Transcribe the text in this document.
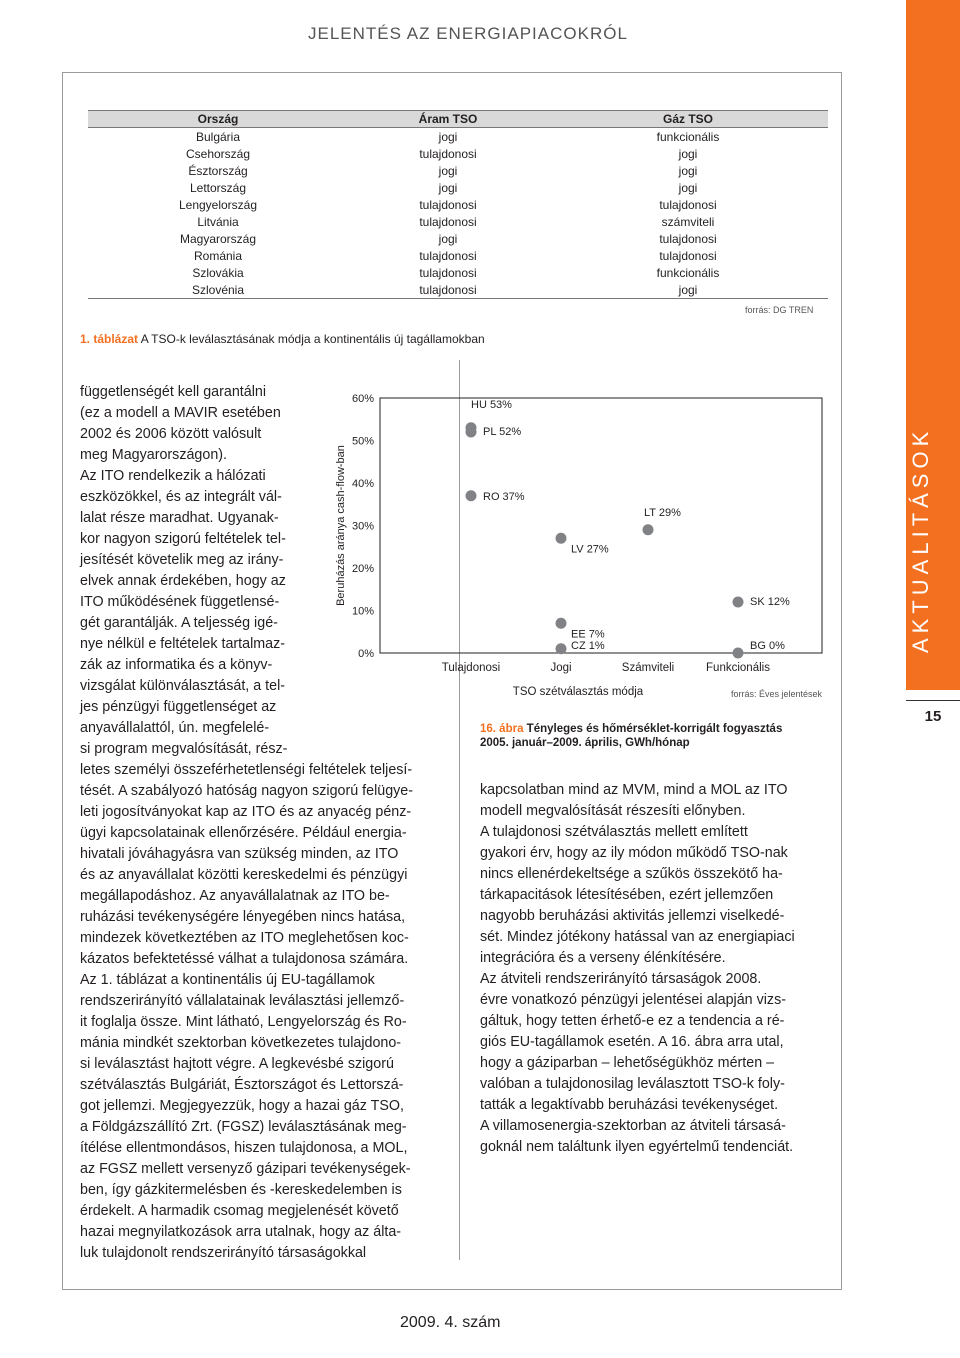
JELENTÉS AZ ENERGIAPIACOKRÓL
Ország	Áram TSO	Gáz TSO
Bulgária	jogi	funkcionális
Csehország	tulajdonosi	jogi
Észtország	jogi	jogi
Lettország	jogi	jogi
Lengyelország	tulajdonosi	tulajdonosi
Litvánia	tulajdonosi	számviteli
Magyarország	jogi	tulajdonosi
Románia	tulajdonosi	tulajdonosi
Szlovákia	tulajdonosi	funkcionális
Szlovénia	tulajdonosi	jogi
forrás: DG TREN
1. táblázat A TSO-k leválasztásának módja a kontinentális új tagállamokban
függetlenségét kell garantálni
(ez a modell a MAVIR esetében
2002 és 2006 között valósult
meg Magyarországon).
Az ITO rendelkezik a hálózati
eszközökkel, és az integrált vál-
lalat része maradhat. Ugyanak-
kor nagyon szigorú feltételek tel-
jesítését követelik meg az irány-
elvek annak érdekében, hogy az
ITO működésének függetlensé-
gét garantálják. A teljesség igé-
nye nélkül e feltételek tartalmaz-
zák az informatika és a könyv-
vizsgálat különválasztását, a tel-
jes pénzügyi függetlenséget az
anyavállalattól, ún. megfelelé-
si program megvalósítását, rész-
letes személyi összeférhetetlenségi feltételek teljesí-
tését. A szabályozó hatóság nagyon szigorú felügye-
leti jogosítványokat kap az ITO és az anyacég pénz-
ügyi kapcsolatainak ellenőrzésére. Például energia-
hivatali jóváhagyásra van szükség minden, az ITO
és az anyavállalat közötti kereskedelmi és pénzügyi
megállapodáshoz. Az anyavállalatnak az ITO be-
ruházási tevékenységére lényegében nincs hatása,
mindezek következtében az ITO meglehetősen koc-
kázatos befektetéssé válhat a tulajdonosa számára.
Az 1. táblázat a kontinentális új EU-tagállamok
rendszerirányító vállalatainak leválasztási jellemző-
it foglalja össze. Mint látható, Lengyelország és Ro-
mánia mindkét szektorban következetes tulajdono-
si leválasztást hajtott végre. A legkevésbé szigorú
szétválasztás Bulgáriát, Észtországot és Lettorszá-
got jellemzi. Megjegyezzük, hogy a hazai gáz TSO,
a Földgázszállító Zrt. (FGSZ) leválasztásának meg-
ítélése ellentmondásos, hiszen tulajdonosa, a MOL,
az FGSZ mellett versenyző gázipari tevékenységek-
ben, így gázkitermelésben és -kereskedelemben is
érdekelt. A harmadik csomag megjelenését követő
hazai megnyilatkozások arra utalnak, hogy az álta-
luk tulajdonolt rendszerirányító társaságokkal
60%
50%
40%
30%
20%
10%
0%
Beruházás aránya cash-flow-ban
Tulajdonosi	Jogi	Számviteli	Funkcionális
TSO szétválasztás módja	forrás: Éves jelentések
HU 53%
PL 52%
RO 37%
LV 27%
EE 7%
CZ 1%
LT 29%
SK 12%
BG 0%
16. ábra Tényleges és hőmérséklet-korrigált fogyasztás
2005. január–2009. április, GWh/hónap
kapcsolatban mind az MVM, mind a MOL az ITO
modell megvalósítását részesíti előnyben.
A tulajdonosi szétválasztás mellett említett
gyakori érv, hogy az ily módon működő TSO-nak
nincs ellenérdekeltsége a szűkös összekötő ha-
tárkapacitások létesítésében, ezért jellemzően
nagyobb beruházási aktivitás jellemzi viselkedé-
sét. Mindez jótékony hatással van az energiapiaci
integrációra és a verseny élénkítésére.
Az átviteli rendszerirányító társaságok 2008.
évre vonatkozó pénzügyi jelentései alapján vizs-
gáltuk, hogy tetten érhető-e ez a tendencia a ré-
giós EU-tagállamok esetén. A 16. ábra arra utal,
hogy a gáziparban – lehetőségükhöz mérten –
valóban a tulajdonosilag leválasztott TSO-k foly-
tatták a legaktívabb beruházási tevékenységet.
A villamosenergia-szektorban az átviteli társasá-
goknál nem találtunk ilyen egyértelmű tendenciát.
AKTUALITÁSOK
15
2009. 4. szám
